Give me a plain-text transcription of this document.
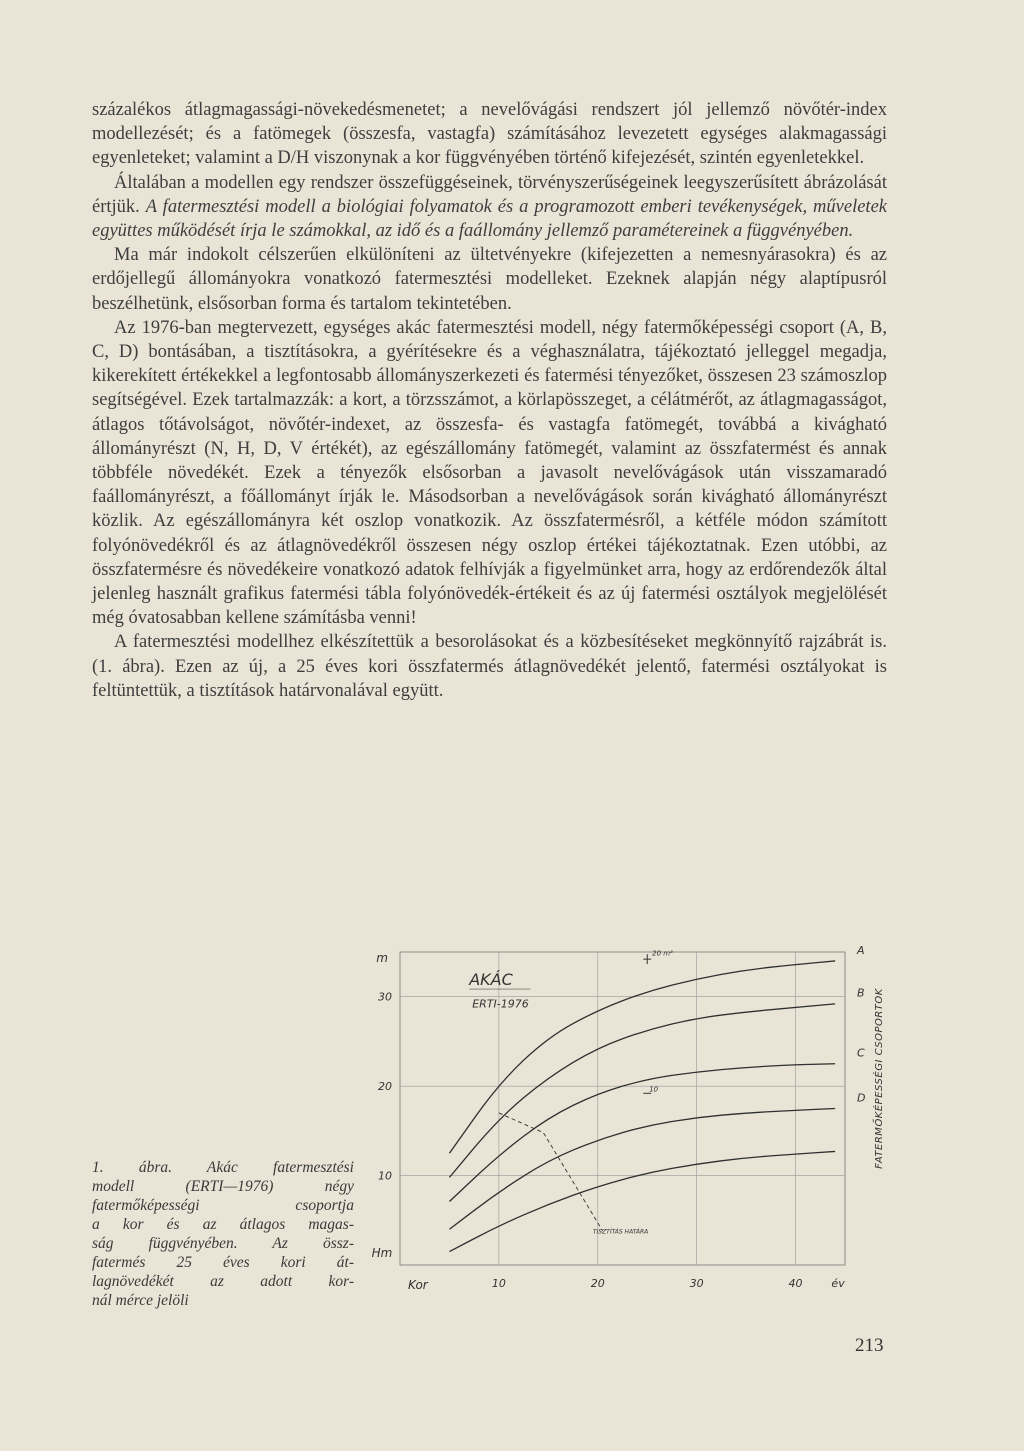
százalékos átlagmagassági-növekedésmenetet; a nevelővágási rendszert jól jellemző növőtér-index modellezését; és a fatömegek (összesfa, vastagfa) számításához levezetett egységes alakmagassági egyenleteket; valamint a D/H viszonynak a kor függvényében történő kifejezését, szintén egyenletekkel.

Általában a modellen egy rendszer összefüggéseinek, törvényszerűségeinek leegyszerűsített ábrázolását értjük. A fatermesztési modell a biológiai folyamatok és a programozott emberi tevékenységek, műveletek együttes működését írja le számokkal, az idő és a faállomány jellemző paramétereinek a függvényében.

Ma már indokolt célszerűen elkülöníteni az ültetvényekre (kifejezetten a nemesnyárasokra) és az erdőjellegű állományokra vonatkozó fatermesztési modelleket. Ezeknek alapján négy alaptípusról beszélhetünk, elsősorban forma és tartalom tekintetében.

Az 1976-ban megtervezett, egységes akác fatermesztési modell, négy fatermőképességi csoport (A, B, C, D) bontásában, a tisztításokra, a gyérítésekre és a véghasználatra, tájékoztató jelleggel megadja, kikerekített értékekkel a legfontosabb állományszerkezeti és fatermési tényezőket, összesen 23 számoszlop segítségével. Ezek tartalmazzák: a kort, a törzsszámot, a körlapösszeget, a célátmérőt, az átlagmagasságot, átlagos tőtávolságot, növőtér-indexet, az összesfa- és vastagfa fatömegét, továbbá a kivágható állományrészt (N, H, D, V értékét), az egészállomány fatömegét, valamint az összfatermést és annak többféle növedékét. Ezek a tényezők elsősorban a javasolt nevelővágások után visszamaradó faállományrészt, a főállományt írják le. Másodsorban a nevelővágások során kivágható állományrészt közlik. Az egészállományra két oszlop vonatkozik. Az összfatermésről, a kétféle módon számított folyónövedékről és az átlagnövedékről összesen négy oszlop értékei tájékoztatnak. Ezen utóbbi, az összfatermésre és növedékeire vonatkozó adatok felhívják a figyelmünket arra, hogy az erdőrendezők által jelenleg használt grafikus fatermési tábla folyónövedék-értékeit és az új fatermési osztályok megjelölését még óvatosabban kellene számításba venni!

A fatermesztési modellhez elkészítettük a besorolásokat és a közbesítéseket megkönnyítő rajzábrát is. (1. ábra). Ezen az új, a 25 éves kori összfatermés átlagnövedékét jelentő, fatermési osztályokat is feltüntettük, a tisztítások határvonalával együtt.

1. ábra. Akác fatermesztési
modell (ERTI—1976) négy
fatermőképességi csoportja
a kor és az átlagos magas-
ság függvényében. Az össz-
fatermés 25 éves kori át-
lagnövedékét az adott kor-
nál mérce jelöli
10	20	30	40
10
20
30
m
Hm
Kor	év
AKÁC
ERTI-1976	FATERMŐKÉPESSÉGI CSOPORTOK
A
B
C
D
20 m³
10
TISZTÍTÁS HATÁRA
213
